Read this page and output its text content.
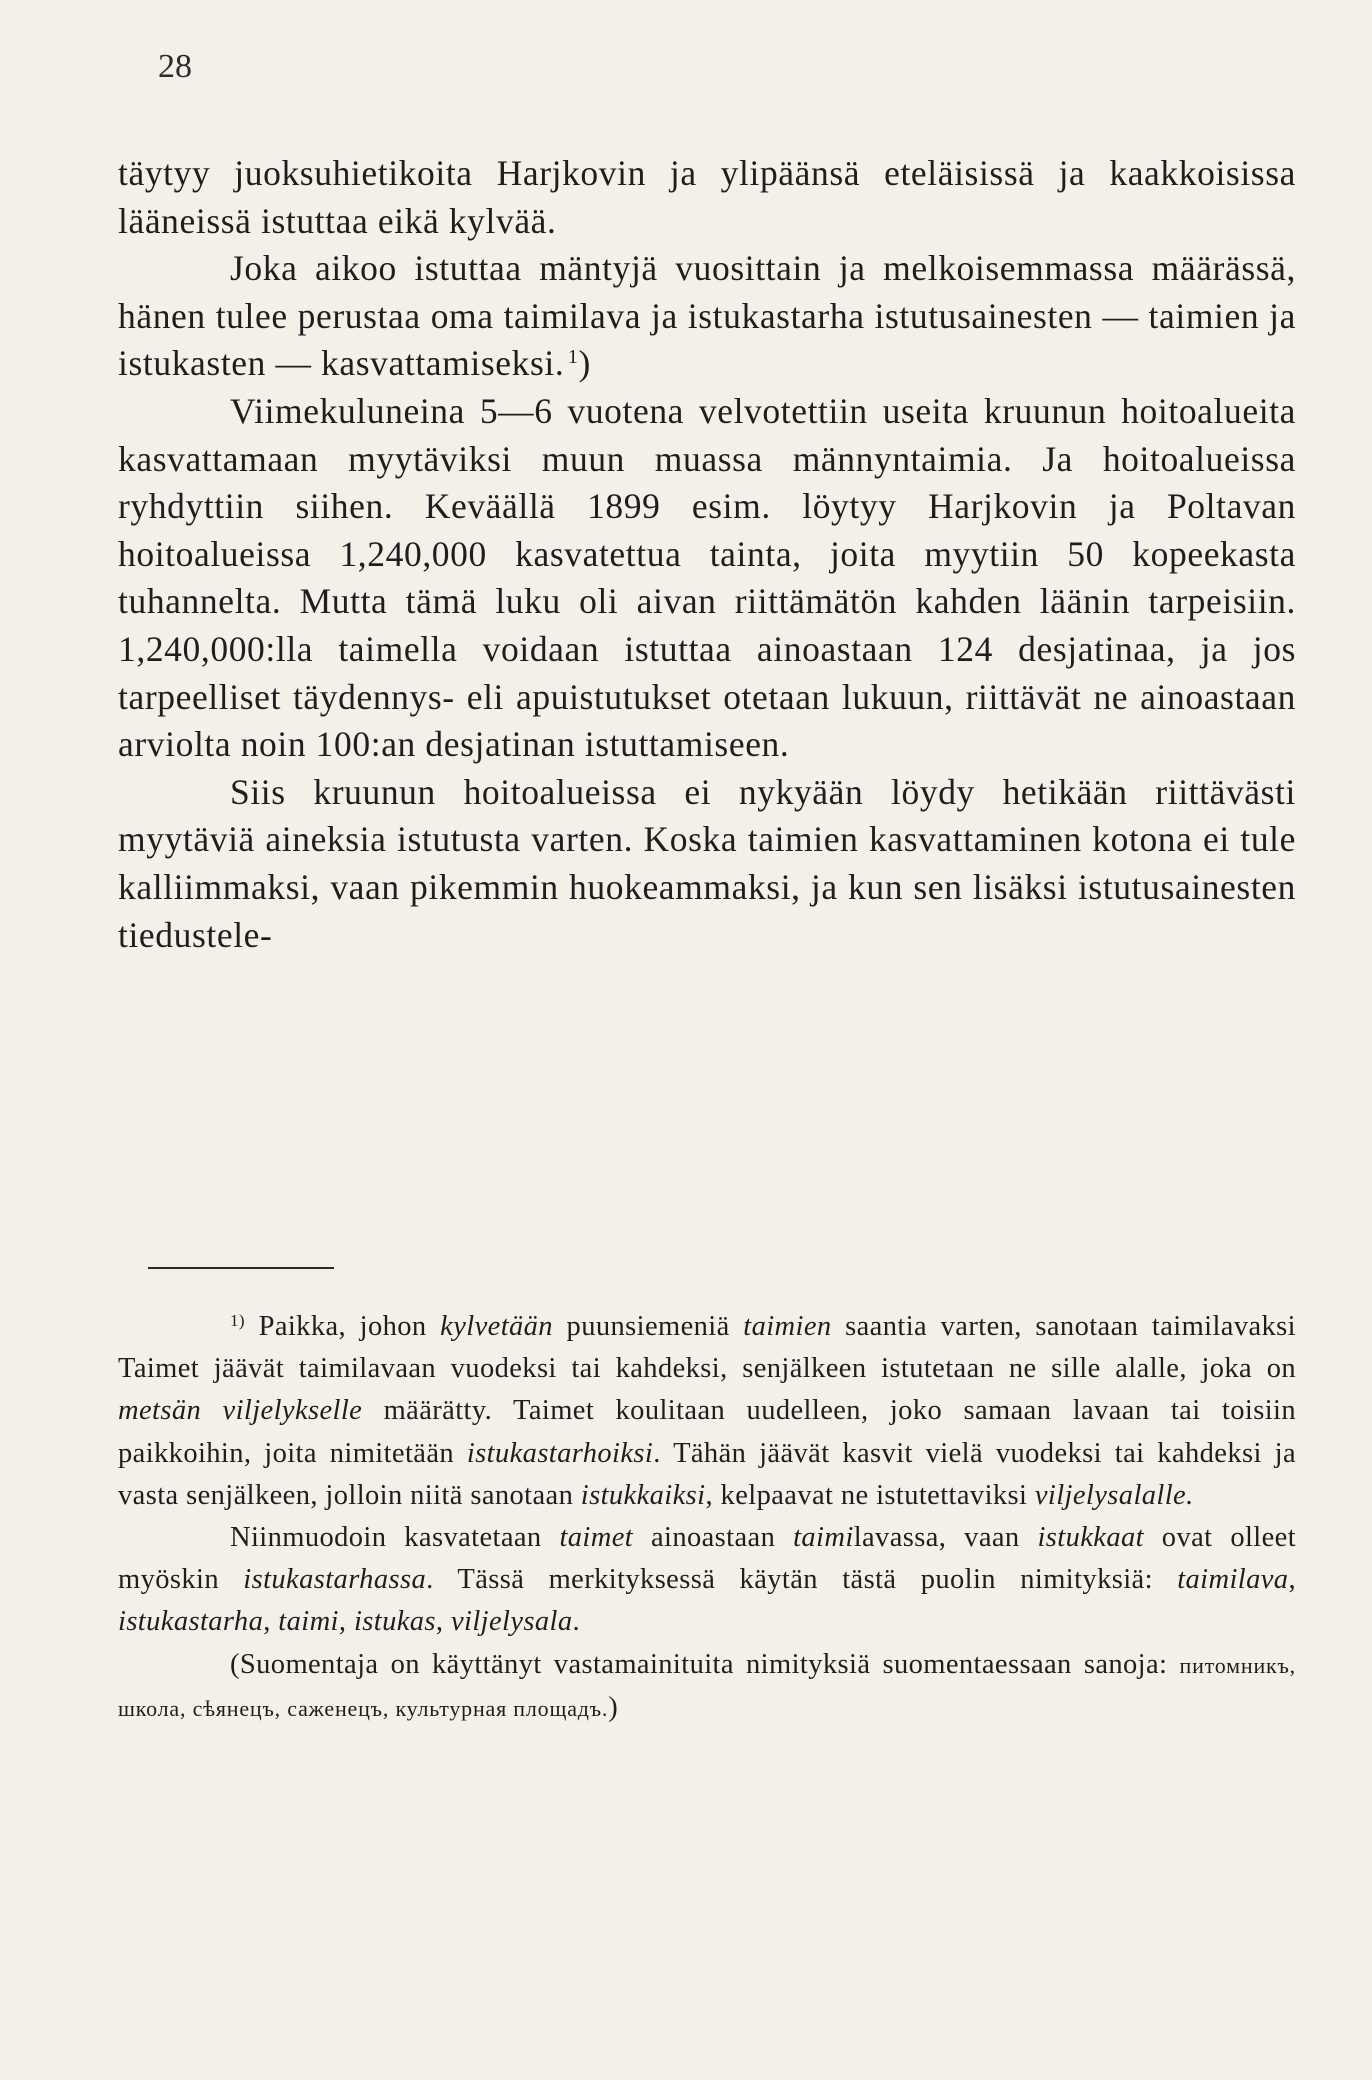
28

täytyy juoksuhietikoita Harjkovin ja ylipäänsä eteläisissä ja kaakkoisissa lääneissä istuttaa eikä kylvää.

Joka aikoo istuttaa mäntyjä vuosittain ja melkoisemmassa määrässä, hänen tulee perustaa oma taimilava ja istukastarha istutusainesten — taimien ja istukasten — kasvattamiseksi.  $^1$)

Viimekuluneina 5—6 vuotena velvotettiin useita kruunun hoitoalueita kasvattamaan myytäviksi muun muassa männyntaimia. Ja hoitoalueissa ryhdyttiin siihen. Keväällä 1899 esim. löytyy Harjkovin ja Poltavan hoitoalueissa 1,240,000 kasvatettua tainta, joita myytiin 50 kopeekasta tuhannelta. Mutta tämä luku oli aivan riittämätön kahden läänin tarpeisiin. 1,240,000:lla taimella voidaan istuttaa ainoastaan 124 desjatinaa, ja jos tarpeelliset täydennys- eli apuistutukset otetaan lukuun, riittävät ne ainoastaan arviolta noin 100:an desjatinan istuttamiseen.

Siis kruunun hoitoalueissa ei nykyään löydy hetikään riittävästi myytäviä aineksia istutusta varten. Koska taimien kasvattaminen kotona ei tule kalliimmaksi, vaan pikemmin huokeammaksi, ja kun sen lisäksi istutusainesten tiedustele-

$^{1)}$ Paikka, johon kylvetään puunsiemeniä taimien saantia varten, sanotaan taimilavaksi Taimet jäävät taimilavaan vuodeksi tai kahdeksi, senjälkeen istutetaan ne sille alalle, joka on metsän viljelykselle määrätty. Taimet koulitaan uudelleen, joko samaan lavaan tai toisiin paikkoihin, joita nimitetään istukastarhoiksi. Tähän jäävät kasvit vielä vuodeksi tai kahdeksi ja vasta senjälkeen, jolloin niitä sanotaan istukkaiksi, kelpaavat ne istutettaviksi viljelysalalle.

Niinmuodoin kasvatetaan taimet ainoastaan taimilavassa, vaan istukkaat ovat olleet myöskin istukastarhassa. Tässä merkityksessä käytän tästä puolin nimityksiä: taimilava, istukastarha, taimi, istukas, viljelysala.

(Suomentaja on käyttänyt vastamainituita nimityksiä suomentaessaan sanoja: питомникъ, школа, сѣянецъ, саженецъ, культурная площадъ.)
